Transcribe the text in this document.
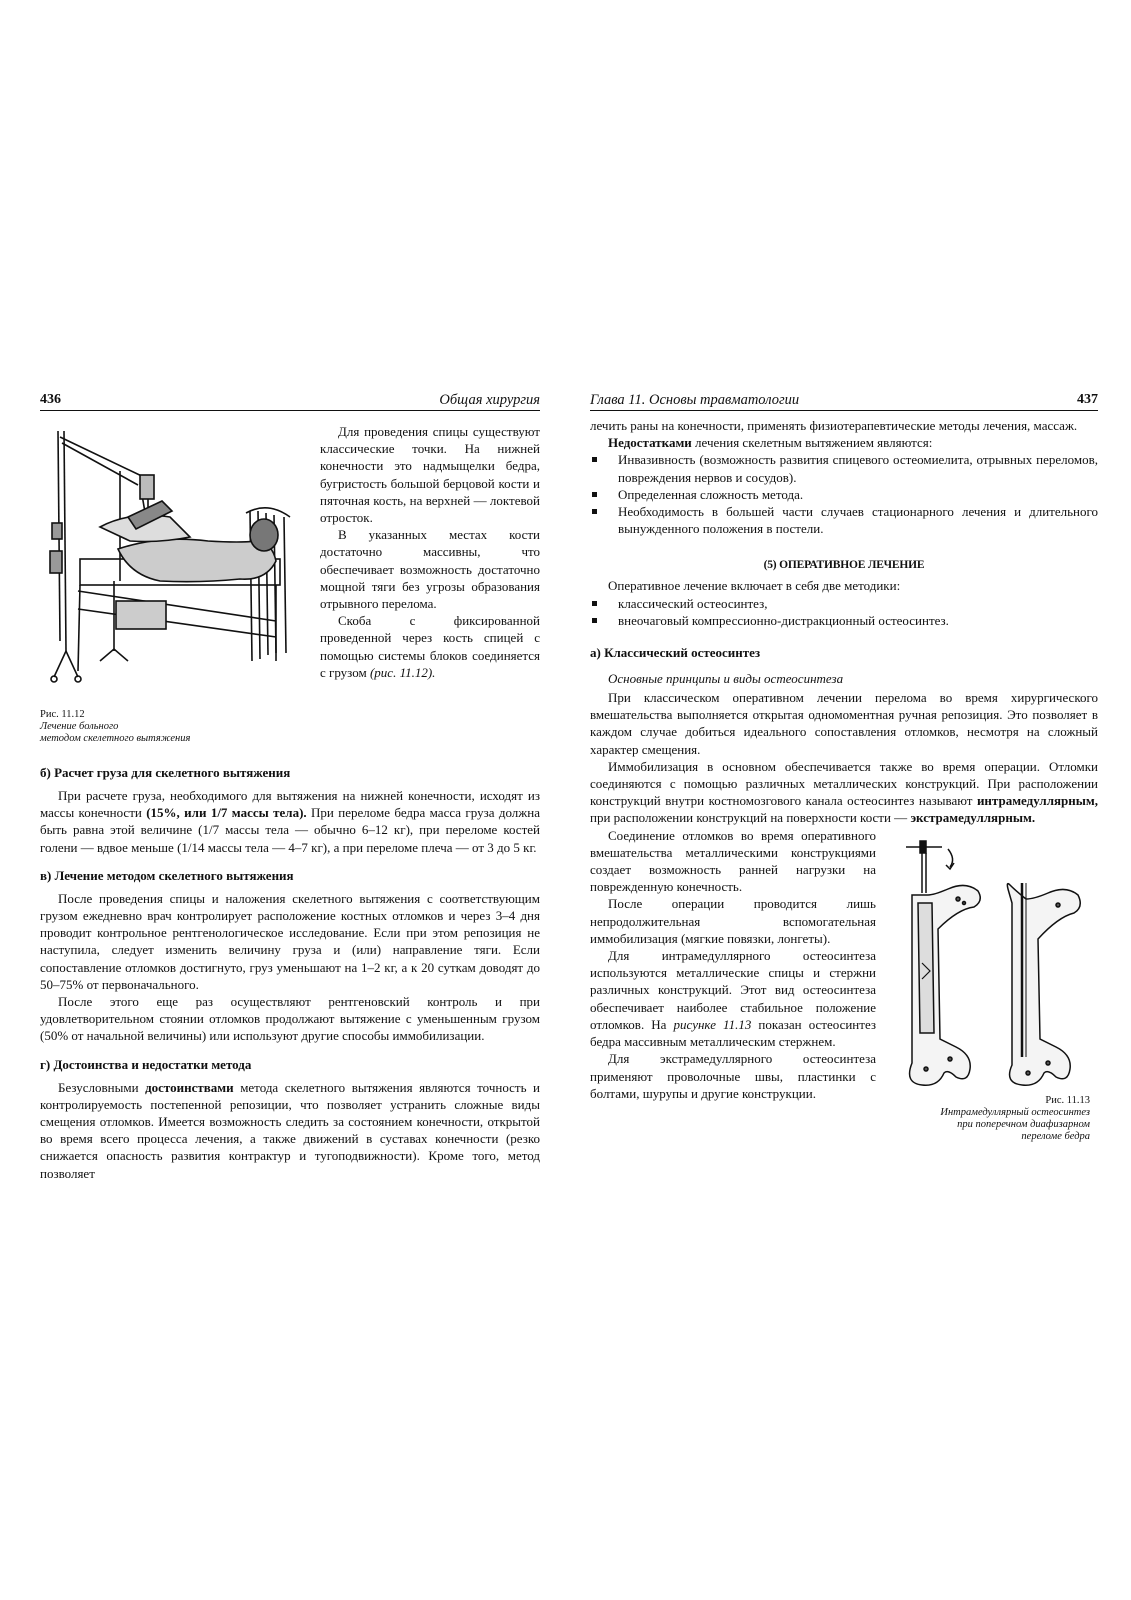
436	Общая хирургия
Рис. 11.12
Лечение больного
методом скелетного вытяжения

Для проведения спицы существуют классические точки. На нижней конечности это надмыщелки бедра, бугристость большой берцовой кости и пяточная кость, на верхней — локтевой отросток.

В указанных местах кости достаточно массивны, что обеспечивает возможность достаточно мощной тяги без угрозы образования отрывного перелома.

Скоба с фиксированной проведенной через кость спицей с помощью системы блоков соединяется с грузом (рис. 11.12).

б) Расчет груза для скелетного вытяжения

При расчете груза, необходимого для вытяжения на нижней конечности, исходят из массы конечности (15%, или 1/7 массы тела). При переломе бедра масса груза должна быть равна этой величине (1/7 массы тела — обычно 6–12 кг), при переломе костей голени — вдвое меньше (1/14 массы тела — 4–7 кг), а при переломе плеча — от 3 до 5 кг.

в) Лечение методом скелетного вытяжения

После проведения спицы и наложения скелетного вытяжения с соответствующим грузом ежедневно врач контролирует расположение костных отломков и через 3–4 дня проводит контрольное рентгенологическое исследование. Если при этом репозиция не наступила, следует изменить величину груза и (или) направление тяги. Если сопоставление отломков достигнуто, груз уменьшают на 1–2 кг, а к 20 суткам доводят до 50–75% от первоначального.

После этого еще раз осуществляют рентгеновский контроль и при удовлетворительном стоянии отломков продолжают вытяжение с уменьшенным грузом (50% от начальной величины) или используют другие способы иммобилизации.

г) Достоинства и недостатки метода

Безусловными достоинствами метода скелетного вытяжения являются точность и контролируемость постепенной репозиции, что позволяет устранить сложные виды смещения отломков. Имеется возможность следить за состоянием конечности, открытой во время всего процесса лечения, а также движений в суставах конечности (резко снижается опасность развития контрактур и тугоподвижности). Кроме того, метод позволяет

Глава 11. Основы травматологии	437

лечить раны на конечности, применять физиотерапевтические методы лечения, массаж.

Недостатками лечения скелетным вытяжением являются:

Инвазивность (возможность развития спицевого остеомиелита, отрывных переломов, повреждения нервов и сосудов).
Определенная сложность метода.
Необходимость в большей части случаев стационарного лечения и длительного вынужденного положения в постели.
(5) ОПЕРАТИВНОЕ ЛЕЧЕНИЕ

Оперативное лечение включает в себя две методики:

классический остеосинтез,
внеочаговый компрессионно-дистракционный остеосинтез.
а) Классический остеосинтез
Основные принципы и виды остеосинтеза

При классическом оперативном лечении перелома во время хирургического вмешательства выполняется открытая одномоментная ручная репозиция. Это позволяет в каждом случае добиться идеального сопоставления отломков, несмотря на сложный характер смещения.

Иммобилизация в основном обеспечивается также во время операции. Отломки соединяются с помощью различных металлических конструкций. При расположении конструкций внутри костномозгового канала остеосинтез называют интрамедуллярным, при расположении конструкций на поверхности кости — экстрамедуллярным.

Рис. 11.13
Интрамедуллярный остеосинтез
при поперечном диафизарном
переломе бедра

Соединение отломков во время оперативного вмешательства металлическими конструкциями создает возможность ранней нагрузки на поврежденную конечность.

После операции проводится лишь непродолжительная вспомогательная иммобилизация (мягкие повязки, лонгеты).

Для интрамедуллярного остеосинтеза используются металлические спицы и стержни различных конструкций. Этот вид остеосинтеза обеспечивает наиболее стабильное положение отломков. На рисунке 11.13 показан остеосинтез бедра массивным металлическим стержнем.

Для экстрамедуллярного остеосинтеза применяют проволочные швы, пластинки с болтами, шурупы и другие конструкции.
